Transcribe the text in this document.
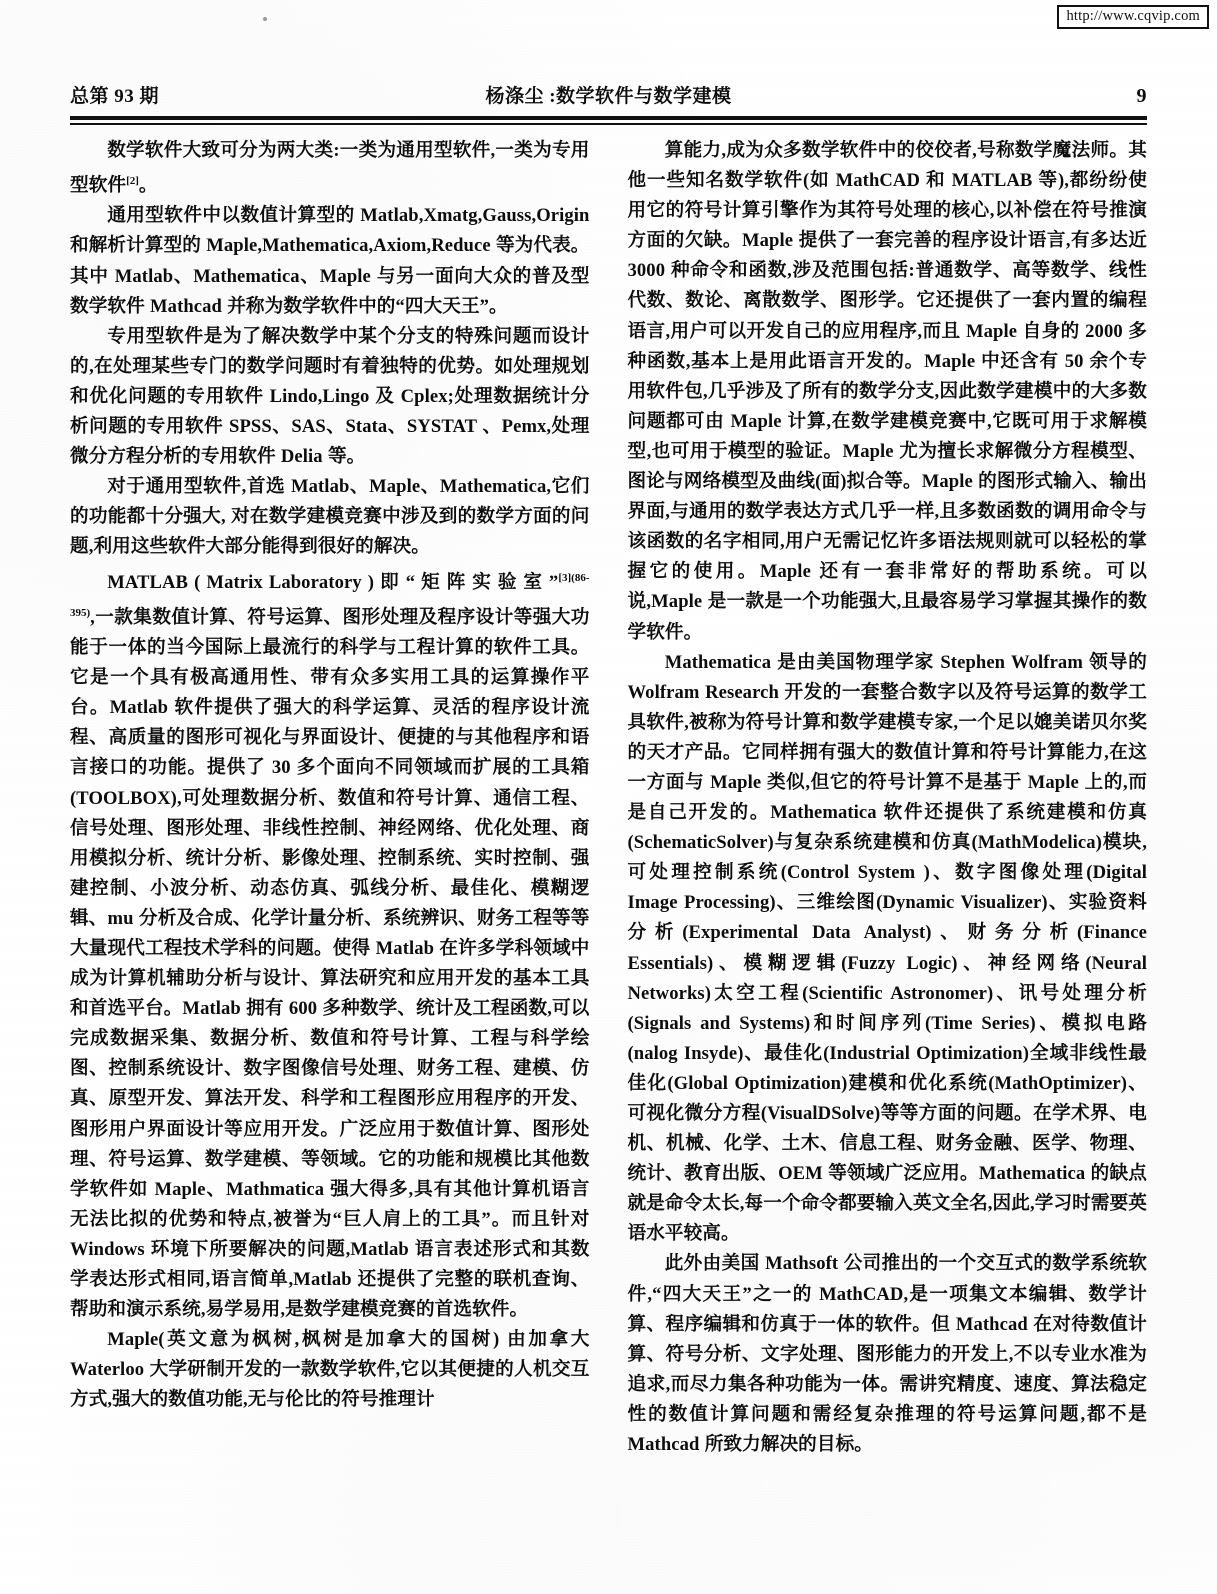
http://www.cqvip.com
总第 93 期	杨涤尘 :数学软件与数学建模	9

数学软件大致可分为两大类:一类为通用型软件,一类为专用型软件[2]。

通用型软件中以数值计算型的 Matlab,Xmatg,Gauss,Origin 和解析计算型的 Maple,Mathematica,Axiom,Reduce 等为代表。其中 Matlab、Mathematica、Maple 与另一面向大众的普及型数学软件 Mathcad 并称为数学软件中的“四大天王”。

专用型软件是为了解决数学中某个分支的特殊问题而设计的,在处理某些专门的数学问题时有着独特的优势。如处理规划和优化问题的专用软件 Lindo,Lingo 及 Cplex;处理数据统计分析问题的专用软件 SPSS、SAS、Stata、SYSTAT 、Pemx,处理微分方程分析的专用软件 Delia 等。

对于通用型软件,首选 Matlab、Maple、Mathematica,它们的功能都十分强大, 对在数学建模竞赛中涉及到的数学方面的问题,利用这些软件大部分能得到很好的解决。

MATLAB ( Matrix Laboratory ) 即 “ 矩 阵 实 验 室 ”$^{[3](86-395)}$,一款集数值计算、符号运算、图形处理及程序设计等强大功能于一体的当今国际上最流行的科学与工程计算的软件工具。它是一个具有极高通用性、带有众多实用工具的运算操作平台。Matlab 软件提供了强大的科学运算、灵活的程序设计流程、高质量的图形可视化与界面设计、便捷的与其他程序和语言接口的功能。提供了 30 多个面向不同领域而扩展的工具箱(TOOLBOX),可处理数据分析、数值和符号计算、通信工程、信号处理、图形处理、非线性控制、神经网络、优化处理、商用模拟分析、统计分析、影像处理、控制系统、实时控制、强建控制、小波分析、动态仿真、弧线分析、最佳化、模糊逻辑、mu 分析及合成、化学计量分析、系统辨识、财务工程等等大量现代工程技术学科的问题。使得 Matlab 在许多学科领域中成为计算机辅助分析与设计、算法研究和应用开发的基本工具和首选平台。Matlab 拥有 600 多种数学、统计及工程函数,可以完成数据采集、数据分析、数值和符号计算、工程与科学绘图、控制系统设计、数字图像信号处理、财务工程、建模、仿真、原型开发、算法开发、科学和工程图形应用程序的开发、图形用户界面设计等应用开发。广泛应用于数值计算、图形处理、符号运算、数学建模、等领域。它的功能和规模比其他数学软件如 Maple、Mathmatica 强大得多,具有其他计算机语言无法比拟的优势和特点,被誉为“巨人肩上的工具”。而且针对 Windows 环境下所要解决的问题,Matlab 语言表述形式和其数学表达形式相同,语言简单,Matlab 还提供了完整的联机查询、帮助和演示系统,易学易用,是数学建模竞赛的首选软件。

Maple(英文意为枫树,枫树是加拿大的国树) 由加拿大 Waterloo 大学研制开发的一款数学软件,它以其便捷的人机交互方式,强大的数值功能,无与伦比的符号推理计

算能力,成为众多数学软件中的佼佼者,号称数学魔法师。其他一些知名数学软件(如 MathCAD 和 MATLAB 等),都纷纷使用它的符号计算引擎作为其符号处理的核心,以补偿在符号推演方面的欠缺。Maple 提供了一套完善的程序设计语言,有多达近 3000 种命令和函数,涉及范围包括:普通数学、高等数学、线性代数、数论、离散数学、图形学。它还提供了一套内置的编程语言,用户可以开发自己的应用程序,而且 Maple 自身的 2000 多种函数,基本上是用此语言开发的。Maple 中还含有 50 余个专用软件包,几乎涉及了所有的数学分支,因此数学建模中的大多数问题都可由 Maple 计算,在数学建模竞赛中,它既可用于求解模型,也可用于模型的验证。Maple 尤为擅长求解微分方程模型、图论与网络模型及曲线(面)拟合等。Maple 的图形式输入、输出界面,与通用的数学表达方式几乎一样,且多数函数的调用命令与该函数的名字相同,用户无需记忆许多语法规则就可以轻松的掌握它的使用。Maple 还有一套非常好的帮助系统。可以说,Maple 是一款是一个功能强大,且最容易学习掌握其操作的数学软件。

Mathematica 是由美国物理学家 Stephen Wolfram 领导的 Wolfram Research 开发的一套整合数字以及符号运算的数学工具软件,被称为符号计算和数学建模专家,一个足以媲美诺贝尔奖的天才产品。它同样拥有强大的数值计算和符号计算能力,在这一方面与 Maple 类似,但它的符号计算不是基于 Maple 上的,而是自己开发的。Mathematica 软件还提供了系统建模和仿真(SchematicSolver)与复杂系统建模和仿真(MathModelica)模块,可处理控制系统(Control System )、数字图像处理(Digital Image Processing)、三维绘图(Dynamic Visualizer)、实验资料分析(Experimental Data Analyst)、财务分析(Finance Essentials)、模糊逻辑(Fuzzy Logic)、神经网络(Neural Networks)太空工程(Scientific Astronomer)、讯号处理分析(Signals and Systems)和时间序列(Time Series)、模拟电路(nalog Insyde)、最佳化(Industrial Optimization)全域非线性最佳化(Global Optimization)建模和优化系统(MathOptimizer)、可视化微分方程(VisualDSolve)等等方面的问题。在学术界、电机、机械、化学、土木、信息工程、财务金融、医学、物理、统计、教育出版、OEM 等领域广泛应用。Mathematica 的缺点就是命令太长,每一个命令都要输入英文全名,因此,学习时需要英语水平较高。

此外由美国 Mathsoft 公司推出的一个交互式的数学系统软件,“四大天王”之一的 MathCAD,是一项集文本编辑、数学计算、程序编辑和仿真于一体的软件。但 Mathcad 在对待数值计算、符号分析、文字处理、图形能力的开发上,不以专业水准为追求,而尽力集各种功能为一体。需讲究精度、速度、算法稳定性的数值计算问题和需经复杂推理的符号运算问题,都不是 Mathcad 所致力解决的目标。
